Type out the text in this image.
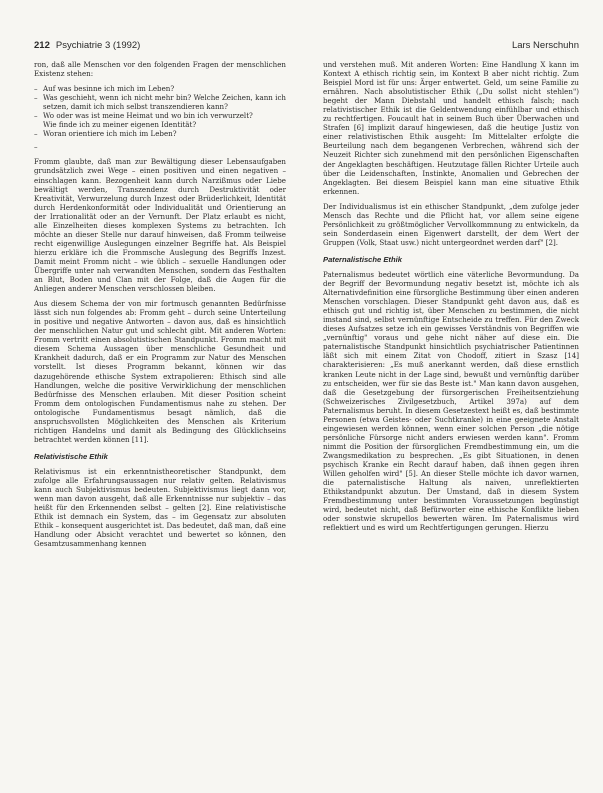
212 Psychiatrie 3 (1992)	Lars Nerschuhn

ron, daß alle Menschen vor den folgenden Fragen der menschlichen Existenz stehen:

– Auf was besinne ich mich im Leben?
– Was geschieht, wenn ich nicht mehr bin? Welche Zeichen, kann ich setzen, damit ich mich selbst transzendieren kann?
– Wo oder was ist meine Heimat und wo bin ich verwurzelt?
Wie finde ich zu meiner eigenen Identität?
– Woran orientiere ich mich im Leben?

–

Fromm glaubte, daß man zur Bewältigung dieser Lebensaufgaben grundsätzlich zwei Wege – einen positiven und einen negativen – einschlagen kann. Bezogenheit kann durch Narzißmus oder Liebe bewältigt werden, Transzendenz durch Destruktivität oder Kreativität, Verwurzelung durch Inzest oder Brüderlichkeit, Identität durch Herdenkonformität oder Individualität und Orientierung an der Irrationalität oder an der Vernunft. Der Platz erlaubt es nicht, alle Einzelheiten dieses komplexen Systems zu betrachten. Ich möchte an dieser Stelle nur darauf hinweisen, daß Fromm teilweise recht eigenwillige Auslegungen einzelner Begriffe hat. Als Beispiel hierzu erkläre ich die Frommsche Auslegung des Begriffs Inzest. Damit meint Fromm nicht – wie üblich – sexuelle Handlungen oder Übergriffe unter nah verwandten Menschen, sondern das Festhalten an Blut, Boden und Clan mit der Folge, daß die Augen für die Anliegen anderer Menschen verschlossen bleiben.

Aus diesem Schema der von mir fortmusch genannten Bedürfnisse lässt sich nun folgendes ab: Fromm geht – durch seine Unterteilung in positive und negative Antworten – davon aus, daß es hinsichtlich der menschlichen Natur gut und schlecht gibt. Mit anderen Worten: Fromm vertritt einen absolutistischen Standpunkt. Fromm macht mit diesem Schema Aussagen über menschliche Gesundheit und Krankheit dadurch, daß er ein Programm zur Natur des Menschen vorstellt. Ist dieses Programm bekannt, können wir das dazugehörende ethische System extrapolieren: Ethisch sind alle Handlungen, welche die positive Verwirklichung der menschlichen Bedürfnisse des Menschen erlauben. Mit dieser Position scheint Fromm dem ontologischen Fundamentismus nahe zu stehen. Der ontologische Fundamentismus besagt nämlich, daß die anspruchsvollsten Möglichkeiten des Menschen als Kriterium richtigen Handelns und damit als Bedingung des Glücklichseins betrachtet werden können [11].

Relativistische Ethik

Relativismus ist ein erkenntnistheoretischer Standpunkt, dem zufolge alle Erfahrungsaussagen nur relativ gelten. Relativismus kann auch Subjektivismus bedeuten. Subjektivismus liegt dann vor, wenn man davon ausgeht, daß alle Erkenntnisse nur subjektiv – das heißt für den Erkennenden selbst – gelten [2]. Eine relativistische Ethik ist demnach ein System, das – im Gegensatz zur absoluten Ethik – konsequent ausgerichtet ist. Das bedeutet, daß man, daß eine Handlung oder Absicht verachtet und bewertet so können, den Gesamtzusammenhang kennen

und verstehen muß. Mit anderen Worten: Eine Handlung X kann im Kontext A ethisch richtig sein, im Kontext B aber nicht richtig. Zum Beispiel Mord ist für uns: Ärger entwertet. Geld, um seine Familie zu ernähren. Nach absolutistischer Ethik („Du sollst nicht stehlen") begeht der Mann Diebstahl und handelt ethisch falsch; nach relativistischer Ethik ist die Geldentwendung einfühlbar und ethisch zu rechtfertigen. Foucault hat in seinem Buch über Überwachen und Strafen [6] implizit darauf hingewiesen, daß die heutige Justiz von einer relativistischen Ethik ausgeht: Im Mittelalter erfolgte die Beurteilung nach dem begangenen Verbrechen, während sich der Neuzeit Richter sich zunehmend mit den persönlichen Eigenschaften der Angeklagten beschäftigen. Heutzutage fällen Richter Urteile auch über die Leidenschaften, Instinkte, Anomalien und Gebrechen der Angeklagten. Bei diesem Beispiel kann man eine situative Ethik erkennen.

Der Individualismus ist ein ethischer Standpunkt, „dem zufolge jeder Mensch das Rechte und die Pflicht hat, vor allem seine eigene Persönlichkeit zu größtmöglicher Vervollkommnung zu entwickeln, da sein Sonderdasein einen Eigenwert darstellt, der dem Wert der Gruppen (Volk, Staat usw.) nicht untergeordnet werden darf" [2].

Paternalistische Ethik

Paternalismus bedeutet wörtlich eine väterliche Bevormundung. Da der Begriff der Bevormundung negativ besetzt ist, möchte ich als Alternativdefinition eine fürsorgliche Bestimmung über einen anderen Menschen vorschlagen. Dieser Standpunkt geht davon aus, daß es ethisch gut und richtig ist, über Menschen zu bestimmen, die nicht imstand sind, selbst vernünftige Entscheide zu treffen. Für den Zweck dieses Aufsatzes setze ich ein gewisses Verständnis von Begriffen wie „vernünftig" voraus und gehe nicht näher auf diese ein. Die paternalistische Standpunkt hinsichtlich psychiatrischer Patientinnen läßt sich mit einem Zitat von Chodoff, zitiert in Szasz [14] charakterisieren: „Es muß anerkannt werden, daß diese ernstlich kranken Leute nicht in der Lage sind, bewußt und vernünftig darüber zu entscheiden, wer für sie das Beste ist." Man kann davon ausgehen, daß die Gesetzgebung der fürsorgerischen Freiheitsentziehung (Schweizerisches Zivilgesetzbuch, Artikel 397a) auf dem Paternalismus beruht. In diesem Gesetzestext heißt es, daß bestimmte Personen (etwa Geistes- oder Suchtkranke) in eine geeignete Anstalt eingewiesen werden können, wenn einer solchen Person „die nötige persönliche Fürsorge nicht anders erwiesen werden kann". Fromm nimmt die Position der fürsorglichen Fremdbestimmung ein, um die Zwangsmedikation zu besprechen. „Es gibt Situationen, in denen psychisch Kranke ein Recht darauf haben, daß ihnen gegen ihren Willen geholfen wird" [5]. An dieser Stelle möchte ich davor warnen, die paternalistische Haltung als naiven, unreflektierten Ethikstandpunkt abzutun. Der Umstand, daß in diesem System Fremdbestimmung unter bestimmten Voraussetzungen begünstigt wird, bedeutet nicht, daß Befürworter eine ethische Konflikte lieben oder sonstwie skrupellos bewerten wären. Im Paternalismus wird reflektiert und es wird um Rechtfertigungen gerungen. Hierzu
